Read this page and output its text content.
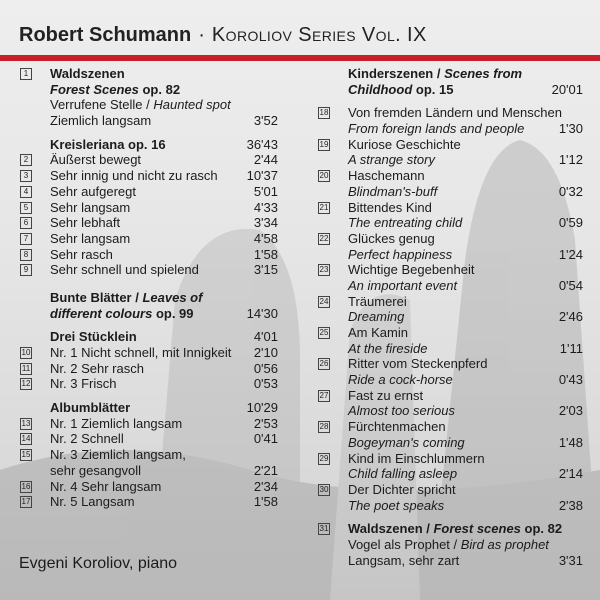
Robert Schumann · Koroliov Series Vol. IX
1 Waldszenen
Forest Scenes op. 82
Verrufene Stelle / Haunted spot
Ziemlich langsam	3'52
Kreisleriana op. 16	36'43
2 Äußerst bewegt	2'44
3 Sehr innig und nicht zu rasch 10'37
4 Sehr aufgeregt	5'01
5 Sehr langsam	4'33
6 Sehr lebhaft	3'34
7 Sehr langsam	4'58
8 Sehr rasch	1'58
9 Sehr schnell und spielend	3'15
Bunte Blätter / Leaves of
different colours op. 99	14'30
Drei Stücklein	4'01
10 Nr. 1 Nicht schnell, mit Innigkeit 2'10
11 Nr. 2 Sehr rasch	0'56
12 Nr. 3 Frisch	0'53
Albumblätter	10'29
13 Nr. 1 Ziemlich langsam	2'53
14 Nr. 2 Schnell	0'41
15 Nr. 3 Ziemlich langsam,
sehr gesangvoll	2'21
16 Nr. 4 Sehr langsam	2'34
17 Nr. 5 Langsam	1'58
Kinderszenen / Scenes from
Childhood op. 15	20'01
18 Von fremden Ländern und Menschen
From foreign lands and people	1'30
19 Kuriose Geschichte
A strange story	1'12
20 Haschemann
Blindman's-buff	0'32
21 Bittendes Kind
The entreating child	0'59
22 Glückes genug
Perfect happiness	1'24
23 Wichtige Begebenheit
An important event	0'54
24 Träumerei
Dreaming	2'46
25 Am Kamin
At the fireside	1'11
26 Ritter vom Steckenpferd
Ride a cock-horse	0'43
27 Fast zu ernst
Almost too serious	2'03
28 Fürchtenmachen
Bogeyman's coming	1'48
29 Kind im Einschlummern
Child falling asleep	2'14
30 Der Dichter spricht
The poet speaks	2'38
31 Waldszenen / Forest scenes op. 82
Vogel als Prophet / Bird as prophet
Langsam, sehr zart	3'31
Evgeni Koroliov, piano
